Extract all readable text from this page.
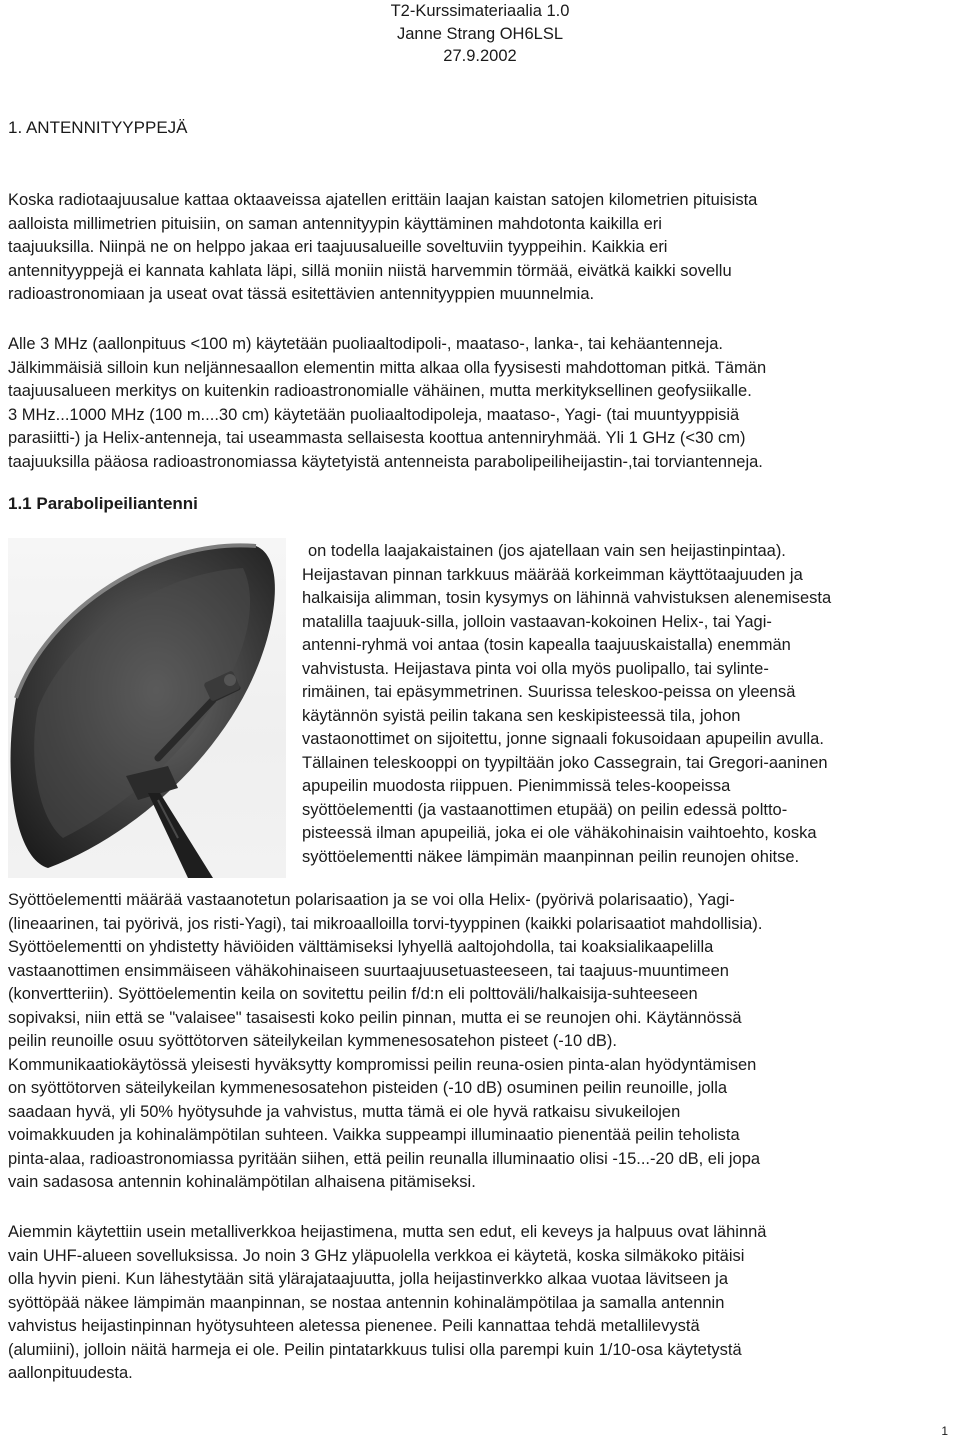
T2-Kurssimateriaalia 1.0
Janne Strang OH6LSL
27.9.2002
1. ANTENNITYYPPEJÄ
Koska radiotaajuusalue kattaa oktaaveissa ajatellen erittäin laajan kaistan satojen kilometrien pituisista
aalloista millimetrien pituisiin, on saman antennityypin käyttäminen mahdotonta kaikilla eri
taajuuksilla. Niinpä ne on helppo jakaa eri taajuusalueille soveltuviin tyyppeihin. Kaikkia eri
antennityyppejä ei kannata kahlata läpi, sillä moniin niistä harvemmin törmää, eivätkä kaikki sovellu
radioastronomiaan ja useat ovat tässä esitettävien antennityyppien muunnelmia.
Alle 3 MHz (aallonpituus <100 m) käytetään puoliaaltodipoli-, maataso-, lanka-, tai kehäantenneja.
Jälkimmäisiä silloin kun neljännesaallon elementin mitta alkaa olla fyysisesti mahdottoman pitkä. Tämän
taajuusalueen merkitys on kuitenkin radioastronomialle vähäinen, mutta merkityksellinen geofysiikalle.
3 MHz...1000 MHz (100 m....30 cm) käytetään puoliaaltodipoleja, maataso-, Yagi- (tai muuntyyppisiä
parasiitti-) ja Helix-antenneja, tai useammasta sellaisesta koottua antenniryhmää. Yli 1 GHz (<30 cm)
taajuuksilla pääosa radioastronomiassa käytetyistä antenneista parabolipeiliheijastin-,tai torviantenneja.
1.1 Parabolipeiliantenni
on todella laajakaistainen (jos ajatellaan vain sen heijastinpintaa).
Heijastavan pinnan tarkkuus määrää korkeimman käyttötaajuuden ja
halkaisija alimman, tosin kysymys on lähinnä vahvistuksen alenemisesta
matalilla taajuuk-silla, jolloin vastaavan-kokoinen Helix-, tai Yagi-
antenni-ryhmä voi antaa (tosin kapealla taajuuskaistalla) enemmän
vahvistusta. Heijastava pinta voi olla myös puolipallo, tai sylinte-
rimäinen, tai epäsymmetrinen. Suurissa teleskoo-peissa on yleensä
käytännön syistä peilin takana sen keskipisteessä tila, johon
vastaonottimet on sijoitettu, jonne signaali fokusoidaan apupeilin avulla.
Tällainen teleskooppi on tyypiltään joko Cassegrain, tai Gregori-aaninen
apupeilin muodosta riippuen. Pienimmissä teles-koopeissa
syöttöelementti (ja vastaanottimen etupää) on peilin edessä poltto-
pisteessä ilman apupeiliä, joka ei ole vähäkohinaisin vaihtoehto, koska
syöttöelementti näkee lämpimän maanpinnan peilin reunojen ohitse.
Syöttöelementti määrää vastaanotetun polarisaation ja se voi olla Helix- (pyörivä polarisaatio), Yagi-
(lineaarinen, tai pyörivä, jos risti-Yagi), tai mikroaalloilla torvi-tyyppinen (kaikki polarisaatiot mahdollisia).
Syöttöelementti on yhdistetty häviöiden välttämiseksi lyhyellä aaltojohdolla, tai koaksialikaapelilla
vastaanottimen ensimmäiseen vähäkohinaiseen suurtaajuusetuasteeseen, tai taajuus-muuntimeen
(konvertteriin). Syöttöelementin keila on sovitettu peilin f/d:n eli polttoväli/halkaisija-suhteeseen
sopivaksi, niin että se "valaisee" tasaisesti koko peilin pinnan, mutta ei se reunojen ohi. Käytännössä
peilin reunoille osuu syöttötorven säteilykeilan kymmenesosatehon pisteet (-10 dB).
Kommunikaatiokäytössä yleisesti hyväksytty kompromissi peilin reuna-osien pinta-alan hyödyntämisen
on syöttötorven säteilykeilan kymmenesosatehon pisteiden (-10 dB) osuminen peilin reunoille, jolla
saadaan hyvä, yli 50% hyötysuhde ja vahvistus, mutta tämä ei ole hyvä ratkaisu sivukeilojen
voimakkuuden ja kohinalämpötilan suhteen. Vaikka suppeampi illuminaatio pienentää peilin teholista
pinta-alaa, radioastronomiassa pyritään siihen, että peilin reunalla illuminaatio olisi -15...-20 dB, eli jopa
vain sadasosa antennin kohinalämpötilan alhaisena pitämiseksi.
Aiemmin käytettiin usein metalliverkkoa heijastimena, mutta sen edut, eli keveys ja halpuus ovat lähinnä
vain UHF-alueen sovelluksissa. Jo noin 3 GHz yläpuolella verkkoa ei käytetä, koska silmäkoko pitäisi
olla hyvin pieni. Kun lähestytään sitä ylärajataajuutta, jolla heijastinverkko alkaa vuotaa lävitseen ja
syöttöpää näkee lämpimän maanpinnan, se nostaa antennin kohinalämpötilaa ja samalla antennin
vahvistus heijastinpinnan hyötysuhteen aletessa pienenee. Peili kannattaa tehdä metallilevystä
(alumiini), jolloin näitä harmeja ei ole. Peilin pintatarkkuus tulisi olla parempi kuin 1/10-osa käytetystä
aallonpituudesta.
1
